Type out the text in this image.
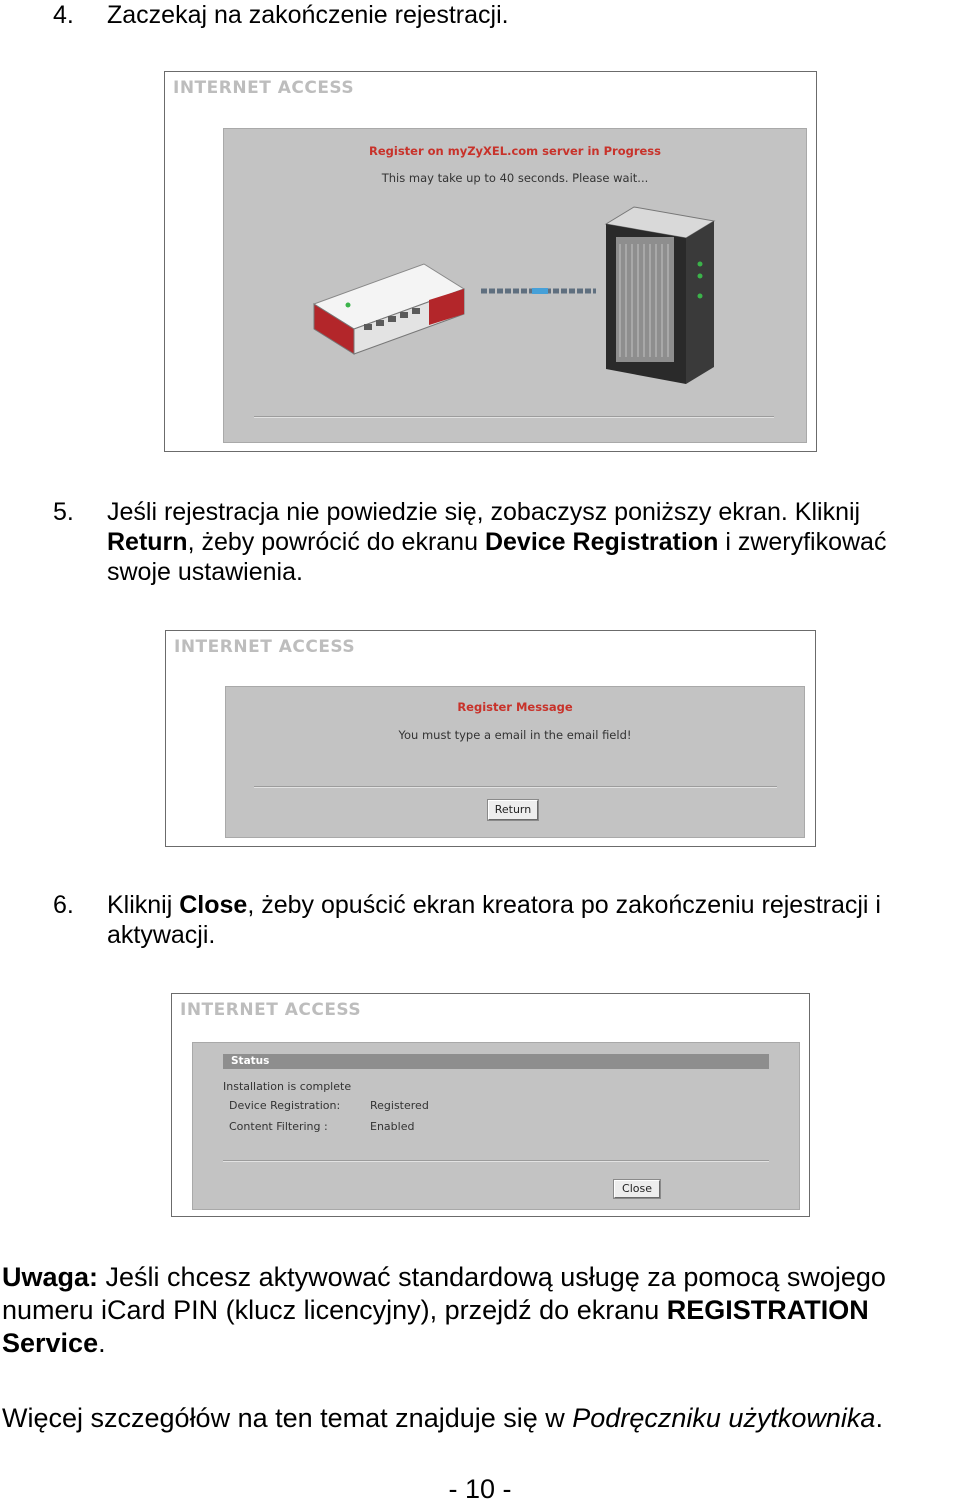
4. Zaczekaj na zakończenie rejestracji.
INTERNET ACCESS
Register on myZyXEL.com server in Progress
This may take up to 40 seconds. Please wait...
5. Jeśli rejestracja nie powiedzie się, zobaczysz poniższy ekran. Kliknij Return, żeby powrócić do ekranu Device Registration i zweryfikować swoje ustawienia.
INTERNET ACCESS
Register Message
You must type a email in the email field!
Return
6. Kliknij Close, żeby opuścić ekran kreatora po zakończeniu rejestracji i aktywacji.
INTERNET ACCESS
Status
Installation is complete
Device Registration:	Registered
Content Filtering :	Enabled
Close
Uwaga: Jeśli chcesz aktywować standardową usługę za pomocą swojego numeru iCard PIN (klucz licencyjny), przejdź do ekranu REGISTRATION Service.
Więcej szczegółów na ten temat znajduje się w Podręczniku użytkownika.
- 10 -
